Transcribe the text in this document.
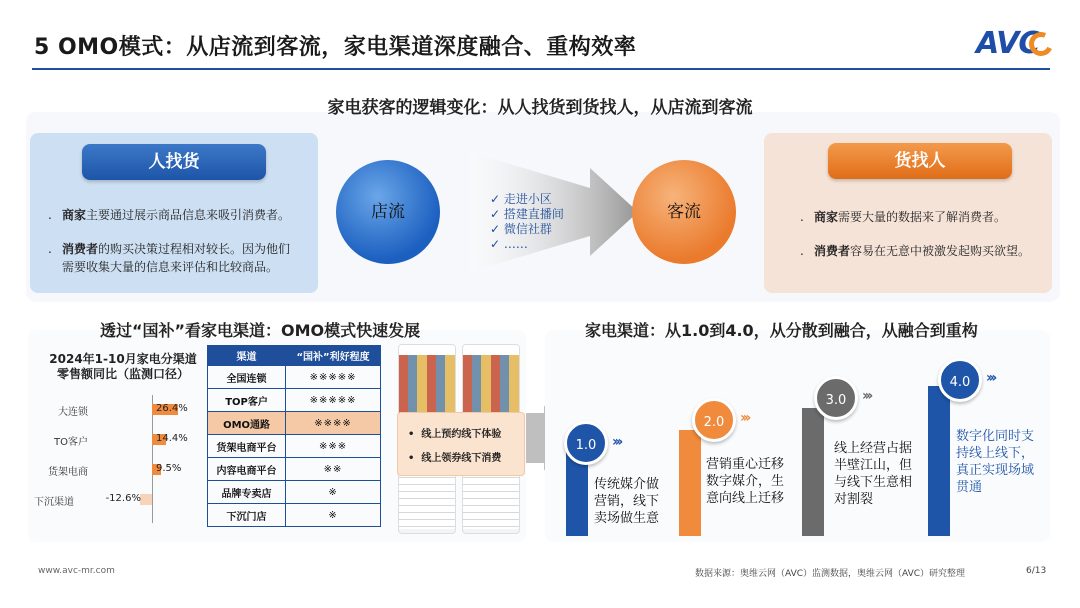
5 OMO模式：从店流到客流，家电渠道深度融合、重构效率	AVC
家电获客的逻辑变化：从人找货到货找人，从店流到客流
人找货
. 商家主要通过展示商品信息来吸引消费者。
. 消费者的购买决策过程相对较长。因为他们需要收集大量的信息来评估和比较商品。
店流
✓ 走进小区
✓ 搭建直播间
✓ 微信社群
✓ ……
客流
货找人
. 商家需要大量的数据来了解消费者。
. 消费者容易在无意中被激发起购买欲望。
透过“国补”看家电渠道：OMO模式快速发展
2024年1-10月家电分渠道零售额同比（监测口径）
大连锁	26.4%
TO客户	14.4%
货架电商	9.5%
下沉渠道	-12.6%
渠道	“国补”利好程度
全国连锁	※※※※※
TOP客户	※※※※※
OMO通路	※※※※
货架电商平台	※※※
内容电商平台	※※
品牌专卖店	※
下沉门店	※
•  线上预约线下体验
•  线上领券线下消费
家电渠道：从1.0到4.0，从分散到融合，从融合到重构
1.0	›››
传统媒介做营销，线下卖场做生意
2.0	›››
营销重心迁移数字媒介，生意向线上迁移
3.0	›››
线上经营占据半壁江山，但与线下生意相对割裂
4.0	›››
数字化同时支持线上线下，真正实现场域贯通
www.avc-mr.com	数据来源：奥维云网（AVC）监测数据，奥维云网（AVC）研究整理	6/13
